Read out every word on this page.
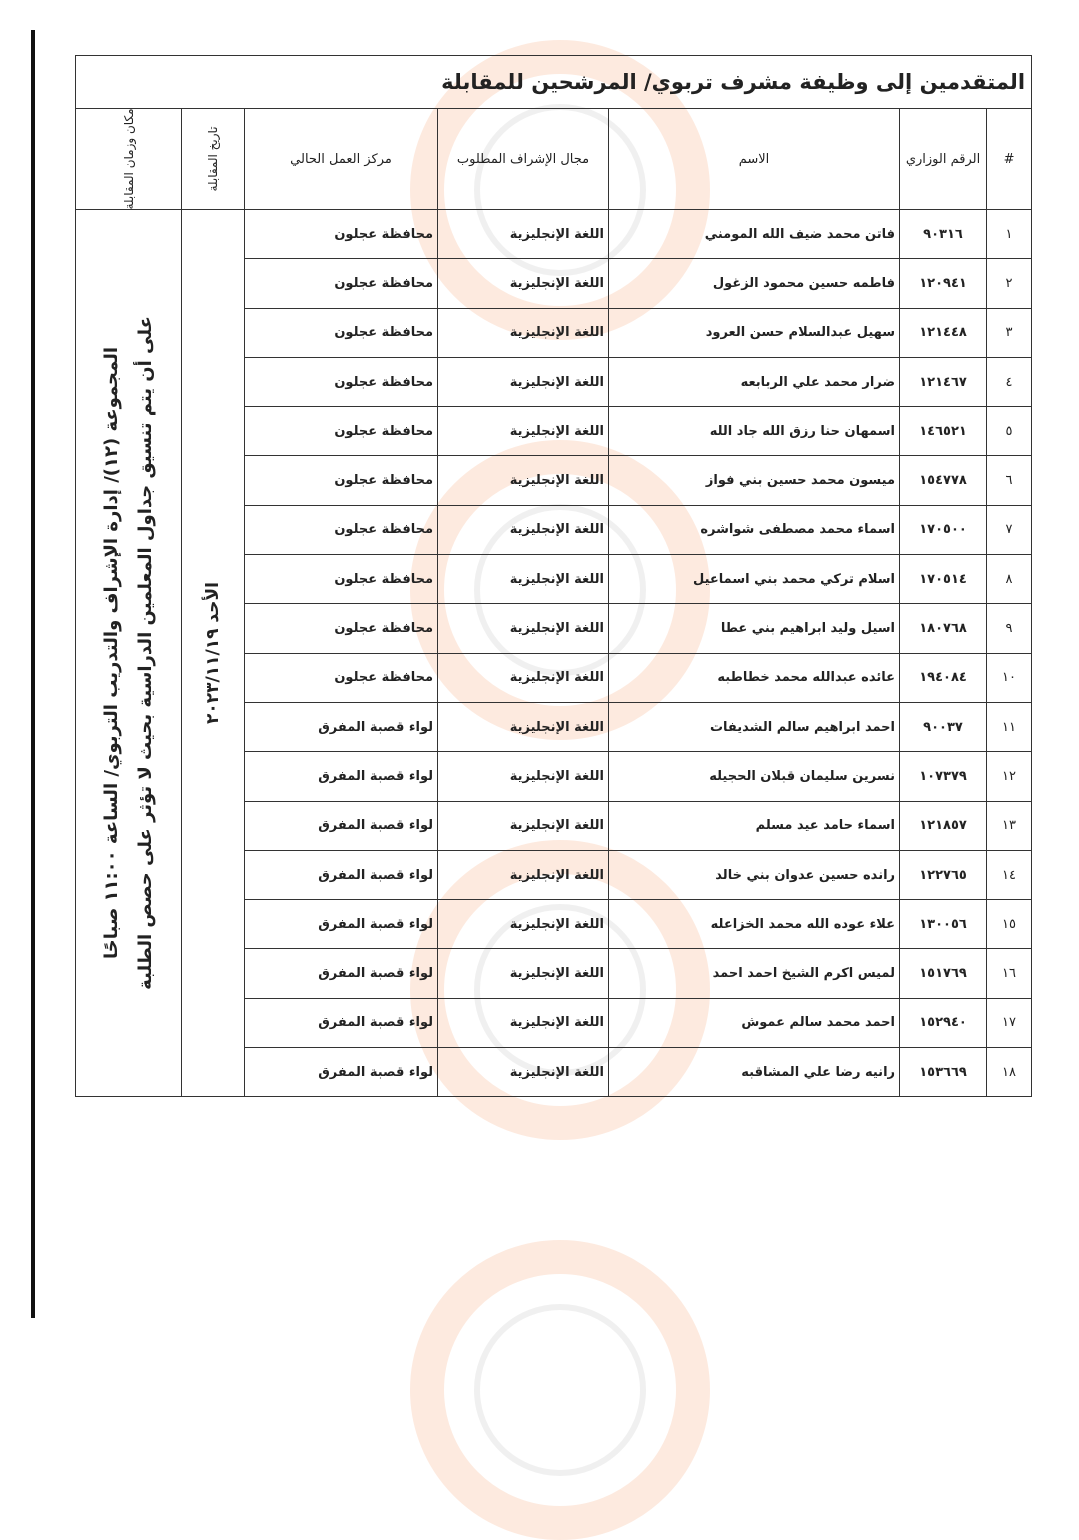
المتقدمين إلى وظيفة مشرف تربوي/ المرشحين للمقابلة						
#	الرقم الوزاري	الاسم	مجال الإشراف المطلوب	مركز العمل الحالي	تاريخ المقابلة	مكان وزمان المقابلة

١	٩٠٣١٦	فاتن محمد ضيف الله المومني	اللغة الإنجليزية	محافظة عجلون	الأحد ٢٠٢٣/١١/١٩	المجموعة (١٢)/ إدارة الإشراف والتدريب التربوي/ الساعة ١١:٠٠ صباحًا على أن يتم تنسيق جداول المعلمين الدراسية بحيث لا تؤثر على حصص الطلبة

٢	١٢٠٩٤١	فاطمه حسين محمود الزغول	اللغة الإنجليزية	محافظة عجلون		
٣	١٢١٤٤٨	سهيل عبدالسلام حسن العرود	اللغة الإنجليزية	محافظة عجلون		
٤	١٢١٤٦٧	ضرار محمد علي الربابعه	اللغة الإنجليزية	محافظة عجلون		
٥	١٤٦٥٢١	اسمهان حنا رزق الله جاد الله	اللغة الإنجليزية	محافظة عجلون		
٦	١٥٤٧٧٨	ميسون محمد حسين بني فواز	اللغة الإنجليزية	محافظة عجلون		
٧	١٧٠٥٠٠	اسماء محمد مصطفى شواشره	اللغة الإنجليزية	محافظة عجلون		
٨	١٧٠٥١٤	اسلام تركي محمد بني اسماعيل	اللغة الإنجليزية	محافظة عجلون		
٩	١٨٠٧٦٨	اسيل وليد ابراهيم بني عطا	اللغة الإنجليزية	محافظة عجلون		
١٠	١٩٤٠٨٤	عائده عبدالله محمد خطاطبه	اللغة الإنجليزية	محافظة عجلون		
١١	٩٠٠٣٧	احمد ابراهيم سالم الشديفات	اللغة الإنجليزية	لواء قصبة المفرق		
١٢	١٠٧٣٧٩	نسرين سليمان قبلان الحجيله	اللغة الإنجليزية	لواء قصبة المفرق		
١٣	١٢١٨٥٧	اسماء حامد عيد مسلم	اللغة الإنجليزية	لواء قصبة المفرق		
١٤	١٢٢٧٦٥	رانده حسين عدوان بني خالد	اللغة الإنجليزية	لواء قصبة المفرق		
١٥	١٣٠٠٥٦	علاء عوده الله محمد الخزاعله	اللغة الإنجليزية	لواء قصبة المفرق		
١٦	١٥١٧٦٩	لميس اكرم الشيخ احمد احمد	اللغة الإنجليزية	لواء قصبة المفرق		
١٧	١٥٢٩٤٠	احمد محمد سالم عموش	اللغة الإنجليزية	لواء قصبة المفرق		
١٨	١٥٣٦٦٩	رانيه رضا علي المشاقبه	اللغة الإنجليزية	لواء قصبة المفرق		
